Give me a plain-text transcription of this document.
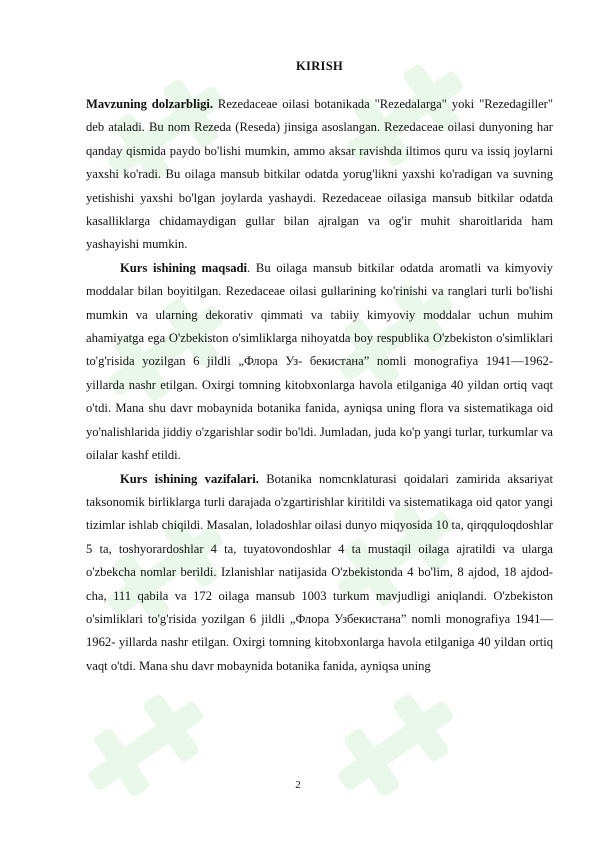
KIRISH

Mavzuning dolzarbligi. Rezedaceae oilasi botanikada "Rezedalarga" yoki "Rezedagiller" deb ataladi. Bu nom Rezeda (Reseda) jinsiga asoslangan. Rezedaceae oilasi dunyoning har qanday qismida paydo bo'lishi mumkin, ammo aksar ravishda iltimos quru va issiq joylarni yaxshi ko'radi. Bu oilaga mansub bitkilar odatda yorug'likni yaxshi ko'radigan va suvning yetishishi yaxshi bo'lgan joylarda yashaydi. Rezedaceae oilasiga mansub bitkilar odatda kasalliklarga chidamaydigan gullar bilan ajralgan va og'ir muhit sharoitlarida ham yashayishi mumkin.

Kurs ishining maqsadi. Bu oilaga mansub bitkilar odatda aromatli va kimyoviy moddalar bilan boyitilgan. Rezedaceae oilasi gullarining ko'rinishi va ranglari turli bo'lishi mumkin va ularning dekorativ qimmati va tabiiy kimyoviy moddalar uchun muhim ahamiyatga ega O'zbekiston o'simliklarga nihoyatda boy respublika O'zbekiston o'simliklari to'g'risida yozilgan 6 jildli „Флора Уз- бекистана” nomli monografiya 1941—1962- yillarda nashr etilgan. Oxirgi tomning kitobxonlarga havola etilganiga 40 yildan ortiq vaqt o'tdi. Mana shu davr mobaynida botanika fanida, ayniqsa uning flora va sistematikaga oid yo'nalishlarida jiddiy o'zgarishlar sodir bo'ldi. Jumladan, juda ko'p yangi turlar, turkumlar va oilalar kashf etildi.

Kurs ishining vazifalari. Botanika nomcnklaturasi qoidalari zamirida aksariyat taksonomik birliklarga turli darajada o'zgartirishlar kiritildi va sistematikaga oid qator yangi tizimlar ishlab chiqildi. Masalan, loladoshlar oilasi dunyo miqyosida 10 ta, qirqquloqdoshlar 5 ta, toshyorardoshlar 4 ta, tuyatovondoshlar 4 ta mustaqil oilaga ajratildi va ularga o'zbekcha nomlar berildi. Izlanishlar natijasida O'zbekistonda 4 bo'lim, 8 ajdod, 18 ajdod-cha, 111 qabila va 172 oilaga mansub 1003 turkum mavjudligi aniqlandi. O'zbekiston o'simliklari to'g'risida yozilgan 6 jildli „Флора Узбекистана” nomli monografiya 1941—1962- yillarda nashr etilgan. Oxirgi tomning kitobxonlarga havola etilganiga 40 yildan ortiq vaqt o'tdi. Mana shu davr mobaynida botanika fanida, ayniqsa uning

2
